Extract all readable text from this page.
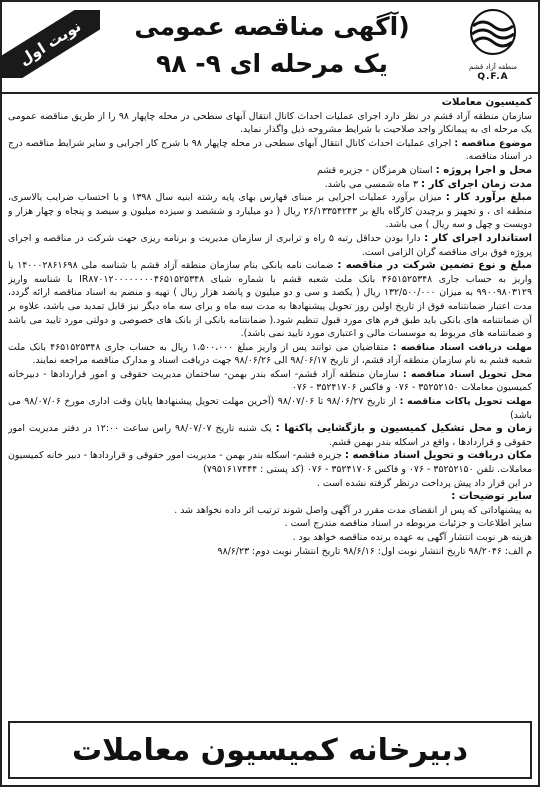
نوبت اول	(آگهی مناقصه عمومی
یک مرحله ای ۹- ۹۸	منطقه آزاد قشم
Q.F.A

کمیسیون معاملات

سازمان منطقه آزاد قشم در نظر دارد اجرای عملیات احداث کانال انتقال آبهای سطحی در محله چاپهار ۹۸ را از طریق مناقصه عمومی یک مرحله ای به پیمانکار واجد صلاحیت با شرایط مشروحه ذیل واگذار نماید.

موضوع مناقصه : اجرای عملیات احداث کانال انتقال آبهای سطحی در محله چاپهار ۹۸ با شرح کار اجرایی و سایر شرایط مناقصه درج در اسناد مناقصه.

محل و اجرا پروژه : استان هرمزگان - جزیره قشم

مدت زمان اجرای کار : ۳ ماه شمسی می باشد.

مبلغ برآورد کار : میزان برآورد عملیات اجرایی بر مبنای فهارس بهای پایه رشته ابنیه سال ۱۳۹۸ و با احتساب ضرایب بالاسری، منطقه ای ، و تجهیز و برچیدن کارگاه بالغ بر ۲۶/۱۳۳۵۴۲۴۳ ریال ( دو میلیارد و ششصد و سیزده میلیون و سیصد و پنجاه و چهار هزار و دویست و چهل و سه ریال ) می باشد.

استاندارد اجرای کار : دارا بودن حداقل رتبه ۵ راه و ترابری از سازمان مدیریت و برنامه ریزی جهت شرکت در مناقصه و اجرای پروژه فوق برای مناقصه گران الزامی است.

مبلغ و نوع تضمین شرکت در مناقصه : ضمانت نامه بانکی بنام سازمان منطقه آزاد قشم با شناسه ملی ۱۴۰۰۰۲۸۶۱۶۹۸ یا واریز به حساب جاری ۴۶۵۱۵۲۵۳۴۸ بانک ملت شعبه قشم با شماره شبای IR۸۷۰۱۲۰۰۰۰۰۰۰۰۴۶۵۱۵۲۵۳۴۸ با شناسه واریز ۹۹۰۰۹۸۰۳۱۲۹ به میزان ۱۳۲/۵۰۰/۰۰۰ ریال ( یکصد و سی و دو میلیون و پانصد هزار ریال ) تهیه و منضم به اسناد مناقصه ارائه گردد، مدت اعتبار ضمانتنامه فوق از تاریخ اولین روز تحویل پیشنهادها به مدت سه ماه و برای سه ماه دیگر نیز قابل تمدید می باشد، علاوه بر آن ضمانتنامه های بانکی باید طبق فرم های مورد قبول تنظیم شود.( ضمانتنامه بانکی از بانک های خصوصی و دولتی مورد تایید می باشد و ضمانتنامه های مربوط به موسسات مالی و اعتباری مورد تایید نمی باشد).

مهلت دریافت اسناد مناقصه : متقاضیان می توانند پس از واریز مبلغ ۱،۵۰۰،۰۰۰ ریال به حساب جاری ۴۶۵۱۵۲۵۳۴۸ بانک ملت شعبه قشم به نام سازمان منطقه آزاد قشم، از تاریخ ۹۸/۰۶/۱۷ الی ۹۸/۰۶/۲۶ جهت دریافت اسناد و مدارک مناقصه مراجعه نمایند.

محل تحویل اسناد مناقصه : سازمان منطقه آزاد قشم- اسکه بندر بهمن- ساختمان مدیریت حقوقی و امور قراردادها - دبیرخانه کمیسیون معاملات ۳۵۲۵۲۱۵۰ - ۰۷۶ و فاکس ۳۵۲۴۱۷۰۶ - ۰۷۶

مهلت تحویل پاکات مناقصه : از تاریخ ۹۸/۰۶/۲۷ تا ۹۸/۰۷/۰۶ (آخرین مهلت تحویل پیشنهادها پایان وقت اداری مورخ ۹۸/۰۷/۰۶ می باشد)

زمان و محل تشکیل کمیسیون و بازگشایی پاکتها : یک شنبه تاریخ ۹۸/۰۷/۰۷ راس ساعت ۱۲:۰۰ در دفتر مدیریت امور حقوقی و قراردادها ، واقع در اسکله بندر بهمن قشم.

مکان دریافت و تحویل اسناد مناقصه : جزیره قشم- اسکله بندر بهمن - مدیریت امور حقوقی و قراردادها - دبیر خانه کمیسیون معاملات. تلفن ۳۵۲۵۲۱۵۰ - ۰۷۶ و فاکس ۳۵۲۴۱۷۰۶ - ۰۷۶ (کد پستی : ۷۹۵۱۶۱۷۴۴۴)

در این قرار داد پیش پرداخت درنظر گرفته نشده است .

سایر توضیحات :

به پیشنهاداتی که پس از انقضای مدت مقرر در آگهی واصل شوند ترتیب اثر داده نخواهد شد .

سایر اطلاعات و جزئیات مربوطه در اسناد مناقصه مندرج است .

هزینه هر نوبت انتشار آگهی به عهده برنده مناقصه خواهد بود .

م الف: ۹۸/۲۰۴۶ تاریخ انتشار نوبت اول: ۹۸/۶/۱۶ تاریخ انتشار نوبت دوم: ۹۸/۶/۲۳

دبیرخانه کمیسیون معاملات
